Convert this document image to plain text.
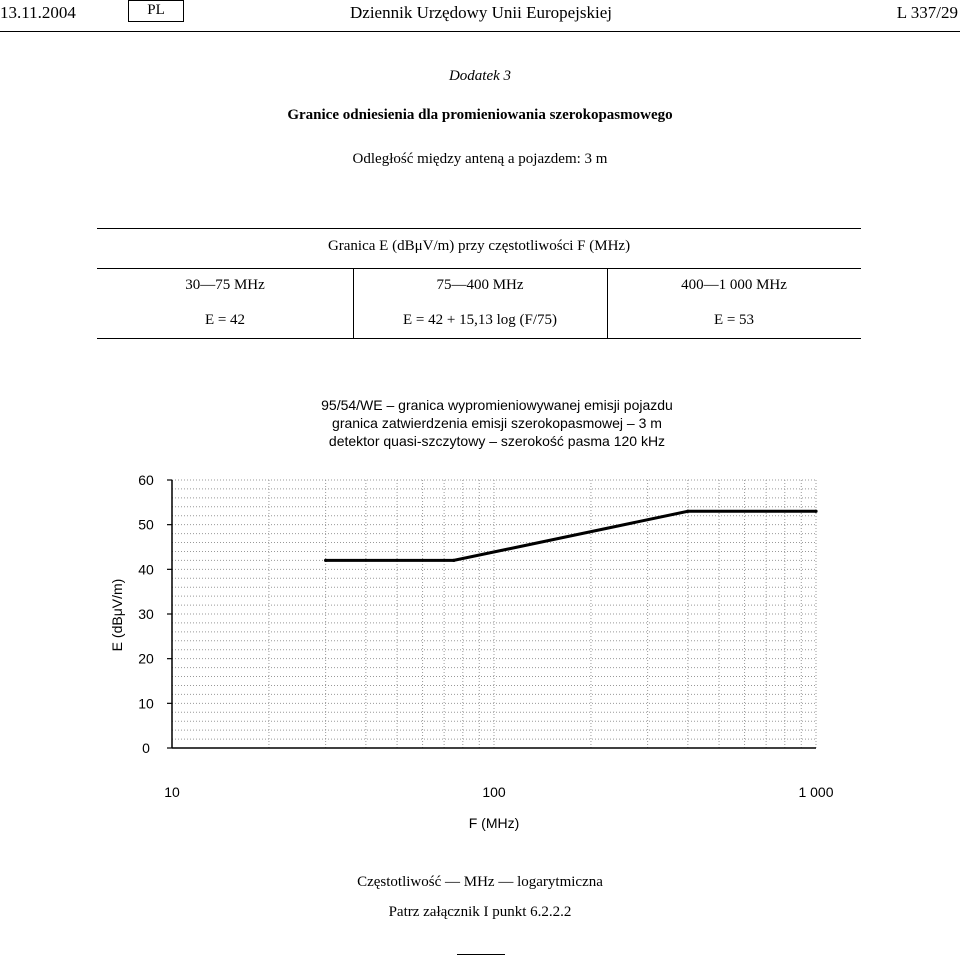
13.11.2004	PL	Dziennik Urzędowy Unii Europejskiej	L 337/29
Dodatek 3
Granice odniesienia dla promieniowania szerokopasmowego
Odległość między anteną a pojazdem: 3 m
Granica E (dBμV/m) przy częstotliwości F (MHz)
30—75 MHz	75—400 MHz	400—1 000 MHz
E = 42	E = 42 + 15,13 log (F/75)	E = 53
95/54/WE – granica wypromieniowywanej emisji pojazdu
granica zatwierdzenia emisji szerokopasmowej – 3 m
detektor quasi-szczytowy – szerokość pasma 120 kHz
0
10
20
30
40
50
60
10	100	1 000
F (MHz)
E (dBμV/m)
Częstotliwość — MHz — logarytmiczna
Patrz załącznik I punkt 6.2.2.2
